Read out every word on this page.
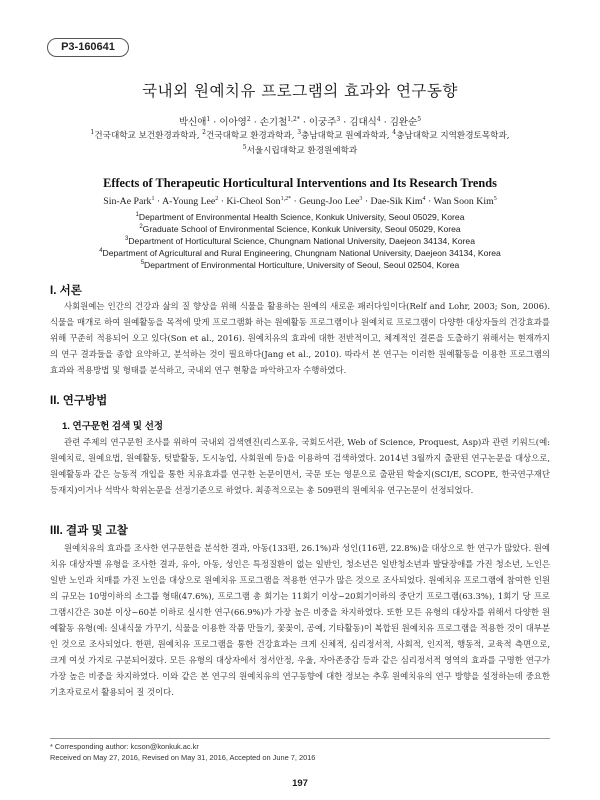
P3-160641
국내외 원예치유 프로그램의 효과와 연구동향
박신애$^1$ · 이아영$^2$ · 손기철$^{1,2*}$ · 이궁주$^3$ · 김대식$^4$ · 김완순$^5$
$^1$건국대학교 보건환경과학과, $^2$건국대학교 환경과학과, $^3$충남대학교 원예과학과, $^4$충남대학교 지역환경토목학과,
$^5$서울시립대학교 환경원예학과
Effects of Therapeutic Horticultural Interventions and Its Research Trends
Sin-Ae Park$^1$ · A-Young Lee$^2$ · Ki-Cheol Son$^{1,2*}$ · Geung-Joo Lee$^3$ · Dae-Sik Kim$^4$ · Wan Soon Kim$^5$
$^1$Department of Environmental Health Science, Konkuk University, Seoul 05029, Korea
$^2$Graduate School of Environmental Science, Konkuk University, Seoul 05029, Korea
$^3$Department of Horticultural Science, Chungnam National University, Daejeon 34134, Korea
$^4$Department of Agricultural and Rural Engineering, Chungnam National University, Daejeon 34134, Korea
$^5$Department of Environmental Horticulture, University of Seoul, Seoul 02504, Korea
I. 서론

사회원예는 인간의 건강과 삶의 질 향상을 위해 식물을 활용하는 원예의 새로운 패러다임이다(Relf and Lohr, 2003; Son, 2006). 식물을 매개로 하여 원예활동을 목적에 맞게 프로그램화 하는 원예활동 프로그램이나 원예치료 프로그램이 다양한 대상자들의 건강효과를 위해 꾸준히 적용되어 오고 있다(Son et al., 2016). 원예치유의 효과에 대한 전반적이고, 체계적인 결론을 도출하기 위해서는 현재까지의 연구 결과들을 종합 요약하고, 분석하는 것이 필요하다(Jang et al., 2010). 따라서 본 연구는 이러한 원예활동을 이용한 프로그램의 효과와 적용방법 및 형태를 분석하고, 국내외 연구 현황을 파악하고자 수행하였다.

II. 연구방법
1. 연구문헌 검색 및 선정

관련 주제의 연구문헌 조사를 위하여 국내외 검색엔진(리스포유, 국회도서관, Web of Science, Proquest, Asp)과 관련 키워드(예: 원예치료, 원예요법, 원예활동, 텃밭활동, 도시농업, 사회원예 등)을 이용하여 검색하였다. 2014년 3월까지 출판된 연구논문을 대상으로, 원예활동과 같은 능동적 개입을 통한 치유효과를 연구한 논문이면서, 국문 또는 영문으로 출판된 학술지(SCI/E, SCOPE, 한국연구재단 등재지)이거나 석박사 학위논문을 선정기준으로 하였다. 최종적으로는 총 509편의 원예치유 연구논문이 선정되었다.

III. 결과 및 고찰

원예치유의 효과를 조사한 연구문헌을 분석한 결과, 아동(133편, 26.1%)과 성인(116편, 22.8%)을 대상으로 한 연구가 많았다. 원예치유 대상자별 유형을 조사한 결과, 유아, 아동, 성인은 특정질환이 없는 일반인, 청소년은 일반청소년과 발달장애를 가진 청소년, 노인은 일반 노인과 치매를 가진 노인을 대상으로 원예치유 프로그램을 적용한 연구가 많은 것으로 조사되었다. 원예치유 프로그램에 참여한 인원의 규모는 10명이하의 소그룹 형태(47.6%), 프로그램 총 회기는 11회기 이상~20회기이하의 중단기 프로그램(63.3%), 1회기 당 프로그램시간은 30분 이상~60분 이하로 실시한 연구(66.9%)가 가장 높은 비중을 차지하였다. 또한 모든 유형의 대상자를 위해서 다양한 원예활동 유형(예: 실내식물 가꾸기, 식물을 이용한 작품 만들기, 꽃꽂이, 공예, 기타활동)이 복합된 원예치유 프로그램을 적용한 것이 대부분인 것으로 조사되었다. 한편, 원예치유 프로그램을 통한 건강효과는 크게 신체적, 심리정서적, 사회적, 인지적, 행동적, 교육적 측면으로, 크게 여섯 가지로 구분되어졌다. 모든 유형의 대상자에서 정서안정, 우울, 자아존중감 등과 같은 심리정서적 영역의 효과를 구명한 연구가 가장 높은 비중을 차지하였다. 이와 같은 본 연구의 원예치유의 연구동향에 대한 정보는 추후 원예치유의 연구 방향을 설정하는데 중요한 기초자료로서 활용되어 질 것이다.

* Corresponding author: kcson@konkuk.ac.kr
Received on May 27, 2016, Revised on May 31, 2016, Accepted on June 7, 2016
197
